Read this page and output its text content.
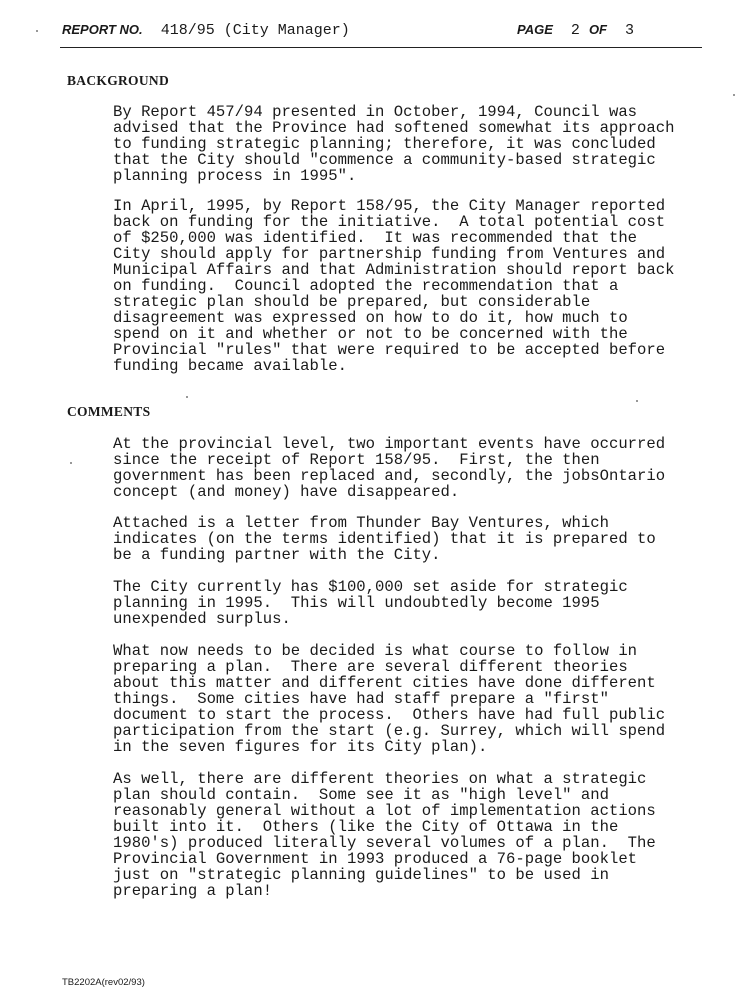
REPORT NO. 418/95 (City Manager)	PAGE 2 OF 3
BACKGROUND

By Report 457/94 presented in October, 1994, Council was
advised that the Province had softened somewhat its approach
to funding strategic planning; therefore, it was concluded
that the City should "commence a community-based strategic
planning process in 1995".

In April, 1995, by Report 158/95, the City Manager reported
back on funding for the initiative.  A total potential cost
of $250,000 was identified.  It was recommended that the
City should apply for partnership funding from Ventures and
Municipal Affairs and that Administration should report back
on funding.  Council adopted the recommendation that a
strategic plan should be prepared, but considerable
disagreement was expressed on how to do it, how much to
spend on it and whether or not to be concerned with the
Provincial "rules" that were required to be accepted before
funding became available.

COMMENTS

At the provincial level, two important events have occurred
since the receipt of Report 158/95.  First, the then
government has been replaced and, secondly, the jobsOntario
concept (and money) have disappeared.

Attached is a letter from Thunder Bay Ventures, which
indicates (on the terms identified) that it is prepared to
be a funding partner with the City.

The City currently has $100,000 set aside for strategic
planning in 1995.  This will undoubtedly become 1995
unexpended surplus.

What now needs to be decided is what course to follow in
preparing a plan.  There are several different theories
about this matter and different cities have done different
things.  Some cities have had staff prepare a "first"
document to start the process.  Others have had full public
participation from the start (e.g. Surrey, which will spend
in the seven figures for its City plan).

As well, there are different theories on what a strategic
plan should contain.  Some see it as "high level" and
reasonably general without a lot of implementation actions
built into it.  Others (like the City of Ottawa in the
1980's) produced literally several volumes of a plan.  The
Provincial Government in 1993 produced a 76-page booklet
just on "strategic planning guidelines" to be used in
preparing a plan!

TB2202A(rev02/93)
